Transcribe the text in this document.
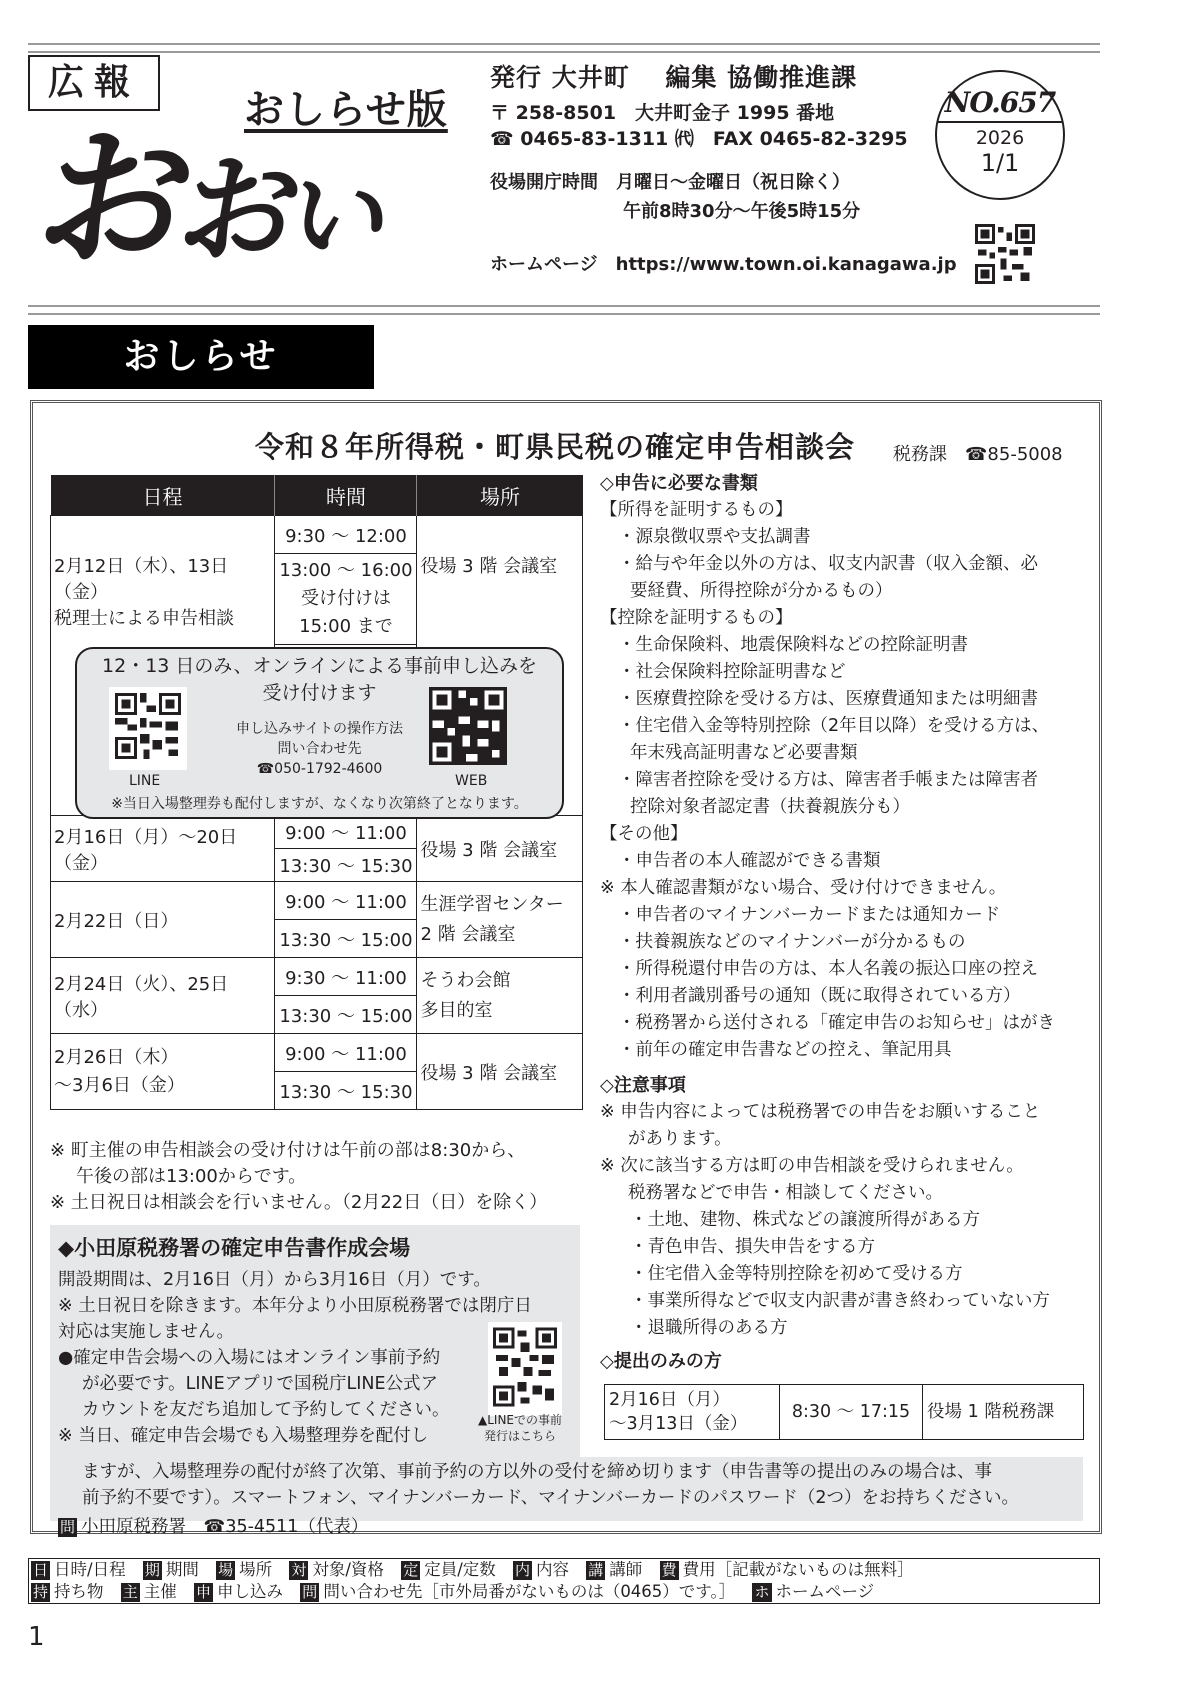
広報
おしらせ版
おおい
発行 大井町　 編集 協働推進課
〒 258-8501　大井町金子 1995 番地
☎ 0465-83-1311 ㈹　FAX 0465-82-3295
役場開庁時間　 月曜日～金曜日（祝日除く）
午前8時30分～午後5時15分
ホームページ　 https://www.town.oi.kanagawa.jp
NO.657
2026
1/1
おしらせ
令和８年所得税・町県民税の確定申告相談会 税務課　☎85-5008
日程	時間	場所

2月12日（木）、13日（金）
税理士による申告相談	9:30 ～ 12:00	役場 3 階 会議室

	13:00 ～ 16:00
受け付けは
15:00 まで	

2月16日（月）～20日（金）	9:00 ～ 11:00	役場 3 階 会議室
	13:30 ～ 15:30	
2月22日（日）	9:00 ～ 11:00	生涯学習センター
2 階 会議室

	13:30 ～ 15:00	
2月24日（火）、25日（水）	9:30 ～ 11:00	そうわ会館
多目的室

	13:30 ～ 15:00	

2月26日（木）
～3月6日（金）	9:00 ～ 11:00	役場 3 階 会議室
	13:30 ～ 15:30	
12・13 日のみ、オンラインによる事前申し込みを
受け付けます
LINE
申し込みサイトの操作方法
問い合わせ先
☎050-1792-4600
WEB
※当日入場整理券も配付しますが、なくなり次第終了となります。
※ 町主催の申告相談会の受け付けは午前の部は8:30から、
午後の部は13:00からです。
※ 土日祝日は相談会を行いません。（2月22日（日）を除く）
◆小田原税務署の確定申告書作成会場
開設期間は、2月16日（月）から3月16日（月）です。
※ 土日祝日を除きます。本年分より小田原税務署では閉庁日
対応は実施しません。
●確定申告会場への入場にはオンライン事前予約
が必要です。LINEアプリで国税庁LINE公式ア
カウントを友だち追加して予約してください。
※ 当日、確定申告会場でも入場整理券を配付し
▲LINEでの事前
発行はこちら
ますが、入場整理券の配付が終了次第、事前予約の方以外の受付を締め切ります（申告書等の提出のみの場合は、事
前予約不要です）。スマートフォン、マイナンバーカード、マイナンバーカードのパスワード（2つ）をお持ちください。
問 小田原税務署　☎35-4511（代表）
◇申告に必要な書類
【所得を証明するもの】
・源泉徴収票や支払調書
・給与や年金以外の方は、収支内訳書（収入金額、必
要経費、所得控除が分かるもの）
【控除を証明するもの】
・生命保険料、地震保険料などの控除証明書
・社会保険料控除証明書など
・医療費控除を受ける方は、医療費通知または明細書
・住宅借入金等特別控除（2年目以降）を受ける方は、
年末残高証明書など必要書類
・障害者控除を受ける方は、障害者手帳または障害者
控除対象者認定書（扶養親族分も）
【その他】
・申告者の本人確認ができる書類
※ 本人確認書類がない場合、受け付けできません。
・申告者のマイナンバーカードまたは通知カード
・扶養親族などのマイナンバーが分かるもの
・所得税還付申告の方は、本人名義の振込口座の控え
・利用者識別番号の通知（既に取得されている方）
・税務署から送付される「確定申告のお知らせ」はがき
・前年の確定申告書などの控え、筆記用具
◇注意事項
※ 申告内容によっては税務署での申告をお願いすること
があります。
※ 次に該当する方は町の申告相談を受けられません。
税務署などで申告・相談してください。
・土地、建物、株式などの譲渡所得がある方
・青色申告、損失申告をする方
・住宅借入金等特別控除を初めて受ける方
・事業所得などで収支内訳書が書き終わっていない方
・退職所得のある方
◇提出のみの方
2月16日（月）
～3月13日（金）
	8:30 ～ 17:15	役場 1 階税務課
日 日時/日程 期 期間 場 場所 対 対象/資格 定 定員/定数 内 内容 講 講師 費 費用［記載がないものは無料］
持 持ち物 主 主催 申 申し込み 問 問い合わせ先［市外局番がないものは（0465）です。］ ホ ホームページ
1
